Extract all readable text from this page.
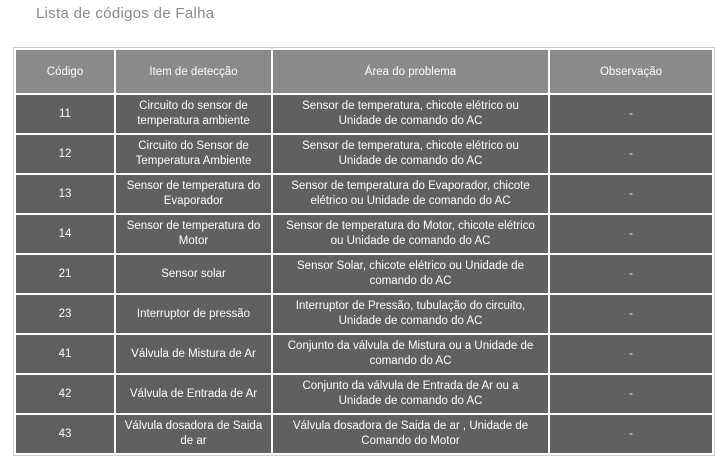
Lista de códigos de Falha
Código	Item de detecção	Área do problema	Observação
11	Circuito do sensor de temperatura ambiente	Sensor de temperatura, chicote elétrico ou Unidade de comando do AC	-
12	Circuito do Sensor de Temperatura Ambiente	Sensor de temperatura, chicote elétrico ou Unidade de comando do AC	-
13	Sensor de temperatura do Evaporador	Sensor de temperatura do Evaporador, chicote elétrico ou Unidade de comando do AC	-
14	Sensor de temperatura do Motor	Sensor de temperatura do Motor, chicote elétrico ou Unidade de comando do AC	-
21	Sensor solar	Sensor Solar, chicote elétrico ou Unidade de comando do AC	-
23	Interruptor de pressão	Interruptor de Pressão, tubulação do circuito, Unidade de comando do AC	-
41	Válvula de Mistura de Ar	Conjunto da válvula de Mistura ou a Unidade de comando do AC	-
42	Válvula de Entrada de Ar	Conjunto da válvula de Entrada de Ar ou a Unidade de comando do AC	-
43	Válvula dosadora de Saida de ar	Válvula dosadora de Saida de ar , Unidade de Comando do Motor	-
